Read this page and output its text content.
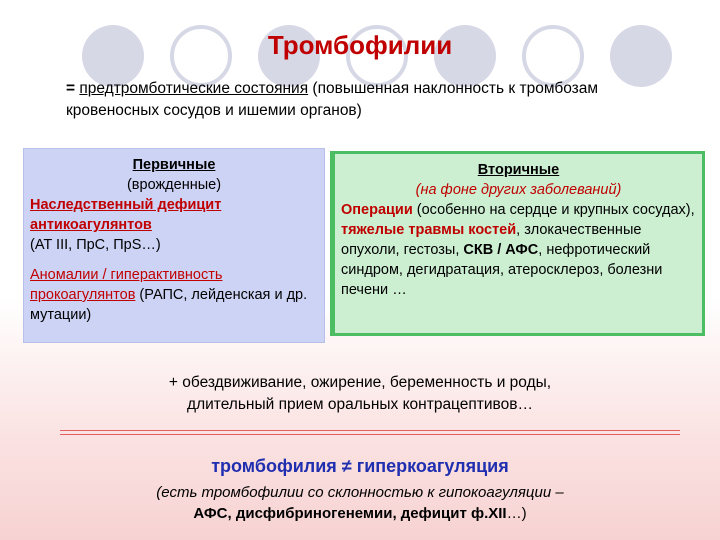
Тромбофилии
= предтромботические состояния (повышенная наклонность к тромбозам кровеносных сосудов и ишемии органов)
Первичные
(врожденные)
Наследственный дефицит антикоагулянтов
(AT III, ПрС, ПрS…)
Аномалии / гиперактивность
прокоагулянтов (РАПС, лейденская и др. мутации)
Вторичные
(на фоне других заболеваний)
Операции (особенно на сердце и крупных сосудах), тяжелые травмы костей, злокачественные опухоли, гестозы, СКВ / АФС, нефротический синдром, дегидратация, атеросклероз, болезни печени …
+ обездвиживание, ожирение, беременность и роды,
длительный прием оральных контрацептивов…
тромбофилия ≠ гиперкоагуляция
(есть тромбофилии со склонностью к гипокоагуляции –
АФС, дисфибриногенемии, дефицит ф.XII…)
